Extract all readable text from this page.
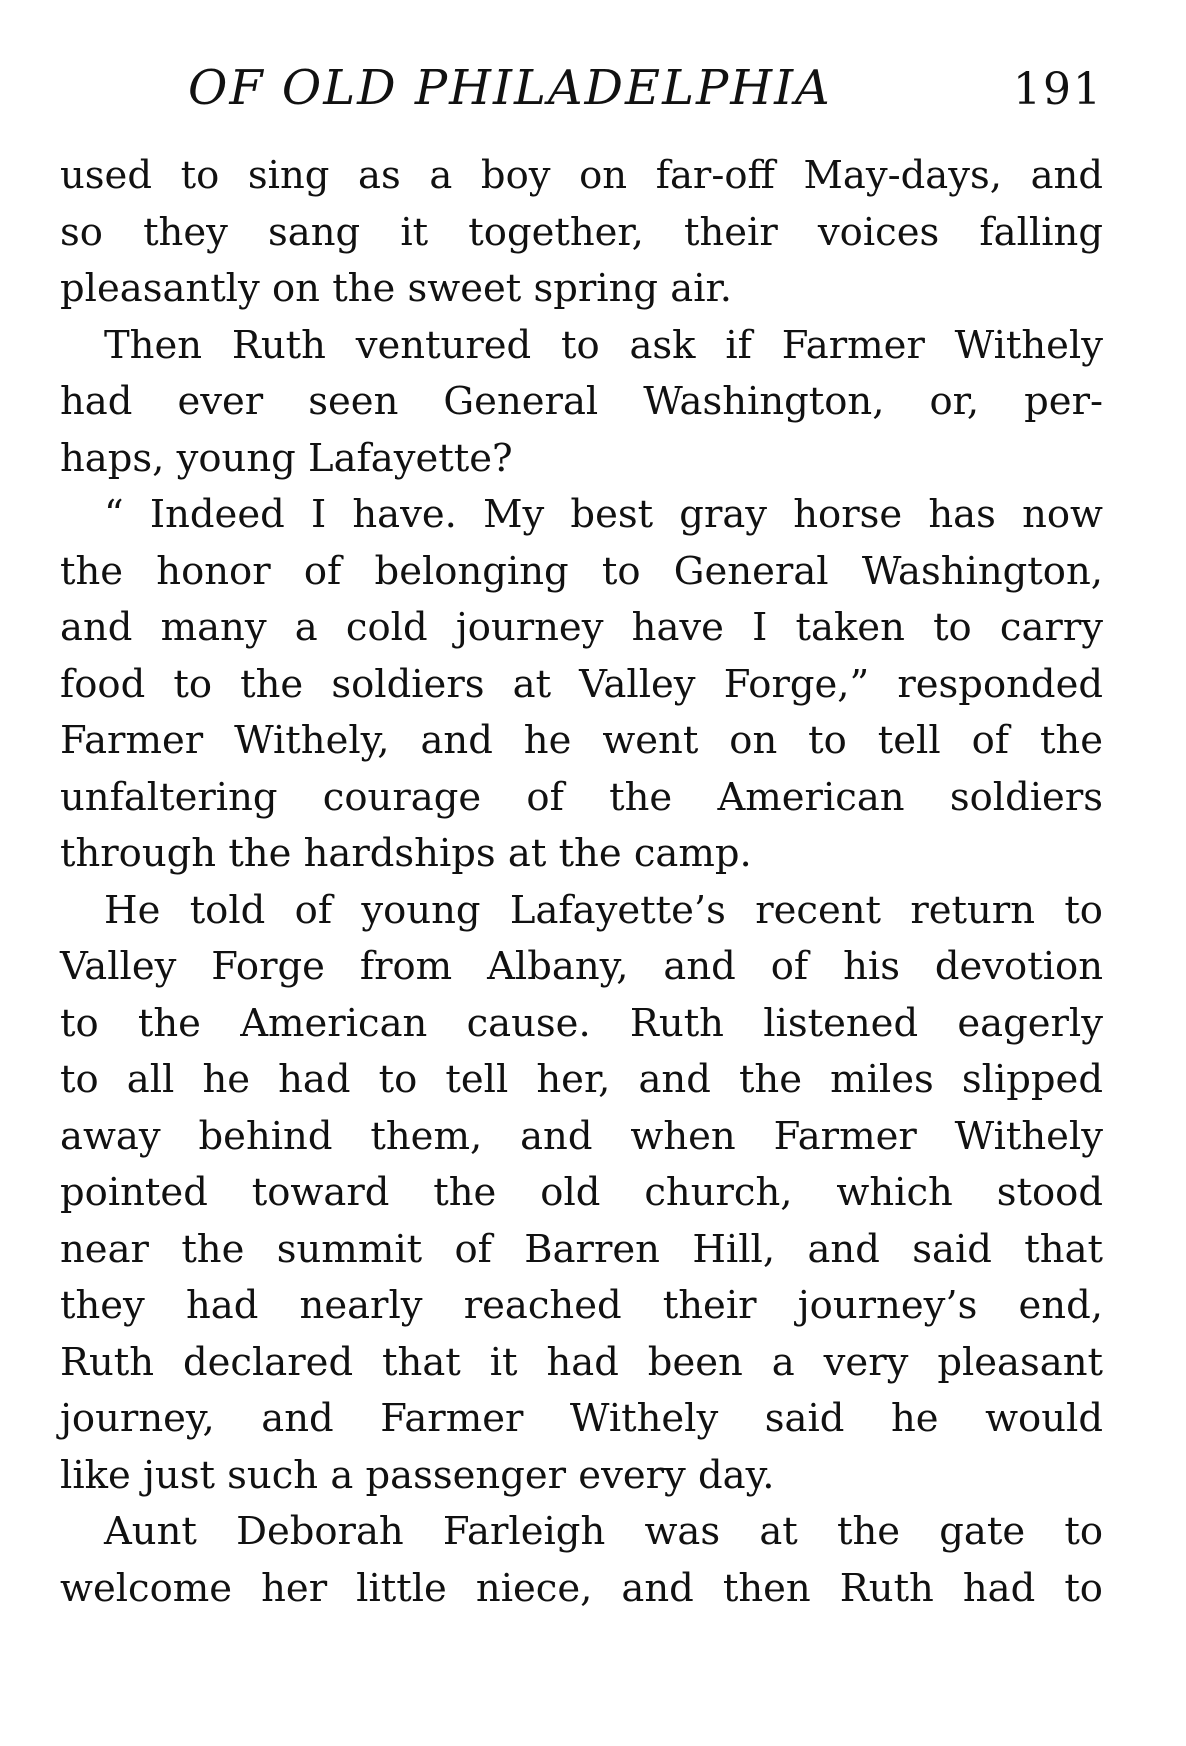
OF OLD PHILADELPHIA	191
used to sing as a boy on far-off May-days, and
so they sang it together, their voices falling
pleasantly on the sweet spring air.
Then Ruth ventured to ask if Farmer Withely
had ever seen General Washington, or, per-
haps, young Lafayette?
“ Indeed I have. My best gray horse has now
the honor of belonging to General Washington,
and many a cold journey have I taken to carry
food to the soldiers at Valley Forge,” responded
Farmer Withely, and he went on to tell of the
unfaltering courage of the American soldiers
through the hardships at the camp.
He told of young Lafayette’s recent return to
Valley Forge from Albany, and of his devotion
to the American cause. Ruth listened eagerly
to all he had to tell her, and the miles slipped
away behind them, and when Farmer Withely
pointed toward the old church, which stood
near the summit of Barren Hill, and said that
they had nearly reached their journey’s end,
Ruth declared that it had been a very pleasant
journey, and Farmer Withely said he would
like just such a passenger every day.
Aunt Deborah Farleigh was at the gate to
welcome her little niece, and then Ruth had to
